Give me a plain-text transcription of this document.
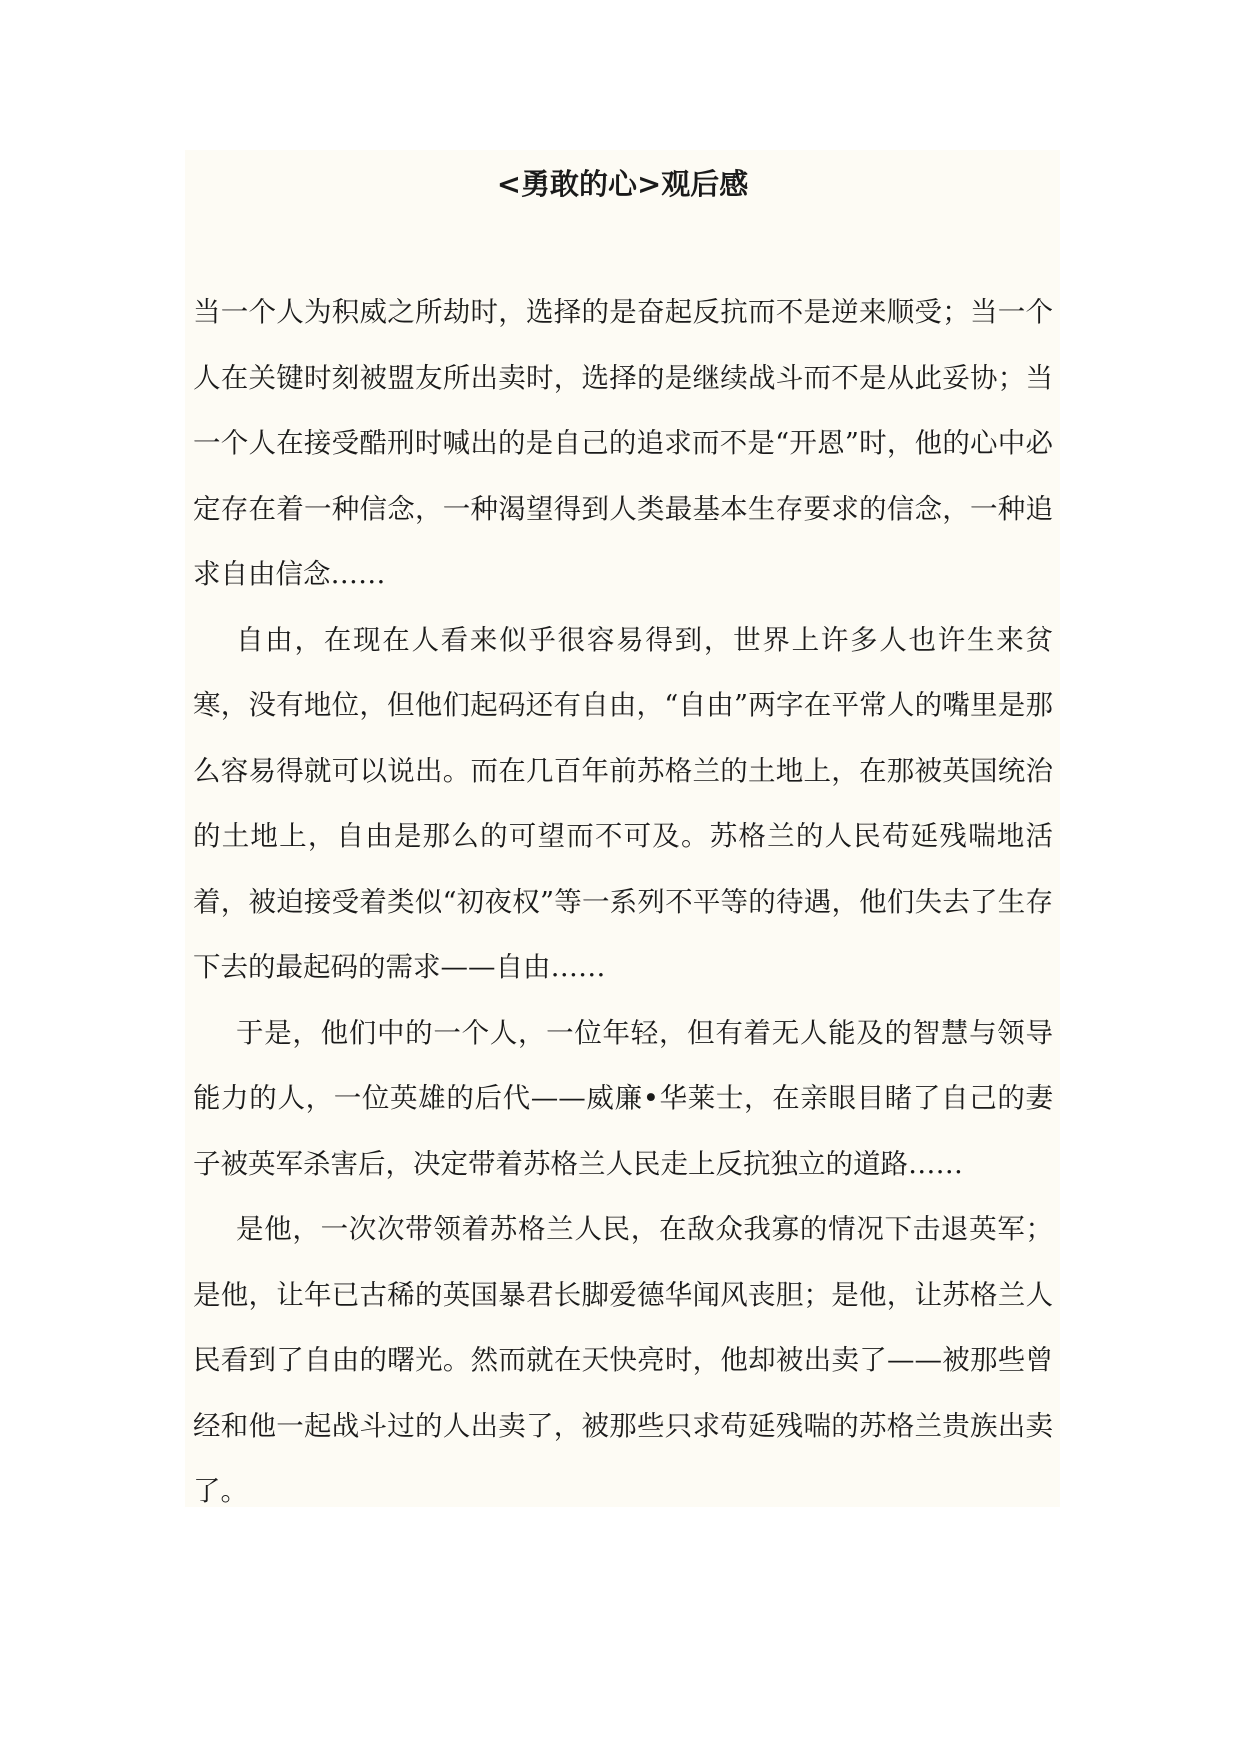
<勇敢的心>观后感

当一个人为积威之所劫时，选择的是奋起反抗而不是逆来顺受；当一个人在关键时刻被盟友所出卖时，选择的是继续战斗而不是从此妥协；当一个人在接受酷刑时喊出的是自己的追求而不是“开恩”时，他的心中必定存在着一种信念，一种渴望得到人类最基本生存要求的信念，一种追求自由信念……

自由，在现在人看来似乎很容易得到，世界上许多人也许生来贫寒，没有地位，但他们起码还有自由，“自由”两字在平常人的嘴里是那么容易得就可以说出。而在几百年前苏格兰的土地上，在那被英国统治的土地上，自由是那么的可望而不可及。苏格兰的人民苟延残喘地活着，被迫接受着类似“初夜权”等一系列不平等的待遇，他们失去了生存下去的最起码的需求——自由……

于是，他们中的一个人，一位年轻，但有着无人能及的智慧与领导能力的人，一位英雄的后代——威廉•华莱士，在亲眼目睹了自己的妻子被英军杀害后，决定带着苏格兰人民走上反抗独立的道路……

是他，一次次带领着苏格兰人民，在敌众我寡的情况下击退英军；是他，让年已古稀的英国暴君长脚爱德华闻风丧胆；是他，让苏格兰人民看到了自由的曙光。然而就在天快亮时，他却被出卖了——被那些曾经和他一起战斗过的人出卖了，被那些只求苟延残喘的苏格兰贵族出卖了。
